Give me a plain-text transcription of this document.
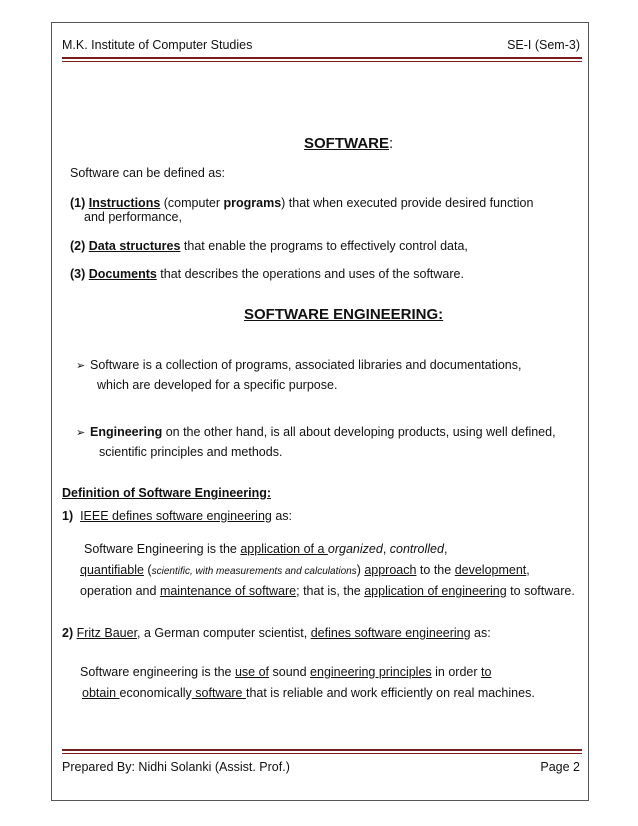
M.K. Institute of Computer Studies	SE-I (Sem-3)
SOFTWARE:
Software can be defined as:
(1) Instructions (computer programs) that when executed provide desired function
and performance,
(2) Data structures that enable the programs to effectively control data,
(3) Documents that describes the operations and uses of the software.
SOFTWARE ENGINEERING:
➢ Software is a collection of programs, associated libraries and documentations,
which are developed for a specific purpose.
➢ Engineering on the other hand, is all about developing products, using well defined,
scientific principles and methods.
Definition of Software Engineering:
1) IEEE defines software engineering as:
Software Engineering is the application of a organized, controlled,
quantifiable (scientific, with measurements and calculations) approach to the development,
operation and maintenance of software; that is, the application of engineering to software.
2) Fritz Bauer, a German computer scientist, defines software engineering as:
Software engineering is the use of sound engineering principles in order to
obtain economically software that is reliable and work efficiently on real machines.
Prepared By: Nidhi Solanki (Assist. Prof.)	Page 2
